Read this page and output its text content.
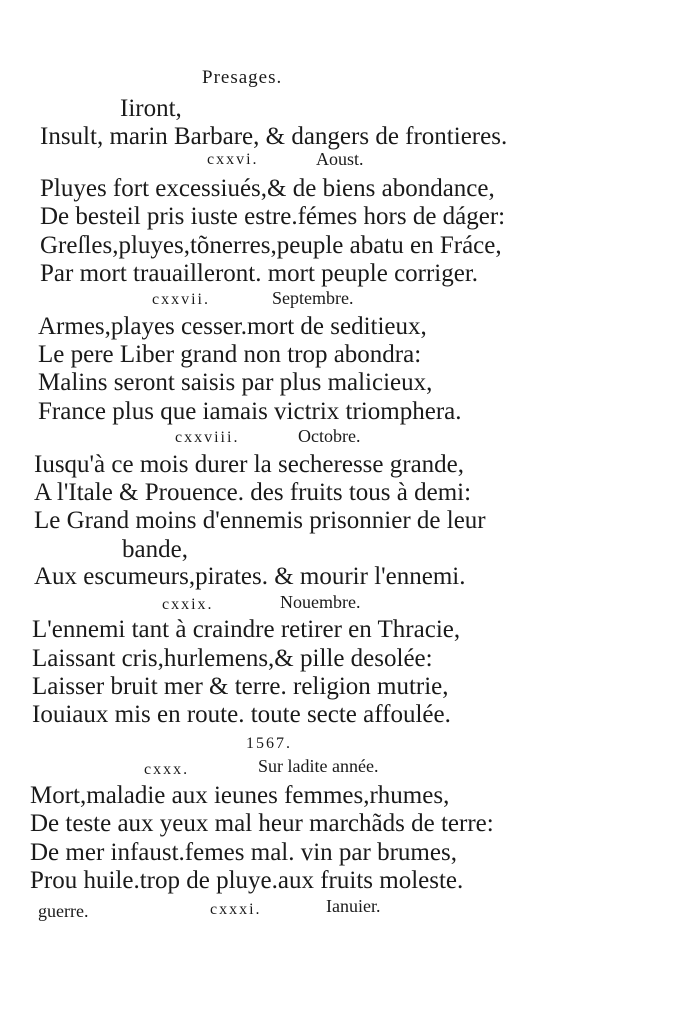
Presages.
Iiront,
Insult, marin Barbare, & dangers de frontieres.
cxxvi.	Aoust.
Pluyes fort excessiués,& de biens abondance,
De besteil pris iuste estre.fémes hors de dáger:
Greſles,pluyes,tõnerres,peuple abatu en Fráce,
Par mort trauailleront. mort peuple corriger.
cxxvii.	Septembre.
Armes,playes cesser.mort de seditieux,
Le pere Liber grand non trop abondra:
Malins seront saisis par plus malicieux,
France plus que iamais victrix triomphera.
cxxviii.	Octobre.
Iusqu'à ce mois durer la secheresse grande,
A l'Itale & Prouence. des fruits tous à demi:
Le Grand moins d'ennemis prisonnier de leur
bande,
Aux escumeurs,pirates. & mourir l'ennemi.
cxxix.	Nouembre.
L'ennemi tant à craindre retirer en Thracie,
Laissant cris,hurlemens,& pille desolée:
Laisser bruit mer & terre. religion mutrie,
Iouiaux mis en route. toute secte affoulée.
1567.
cxxx.	Sur ladite année.
Mort,maladie aux ieunes femmes,rhumes,
De teste aux yeux mal heur marchãds de terre:
De mer infaust.femes mal. vin par brumes,
Prou huile.trop de pluye.aux fruits moleste.
guerre.	cxxxi.	Ianuier.
